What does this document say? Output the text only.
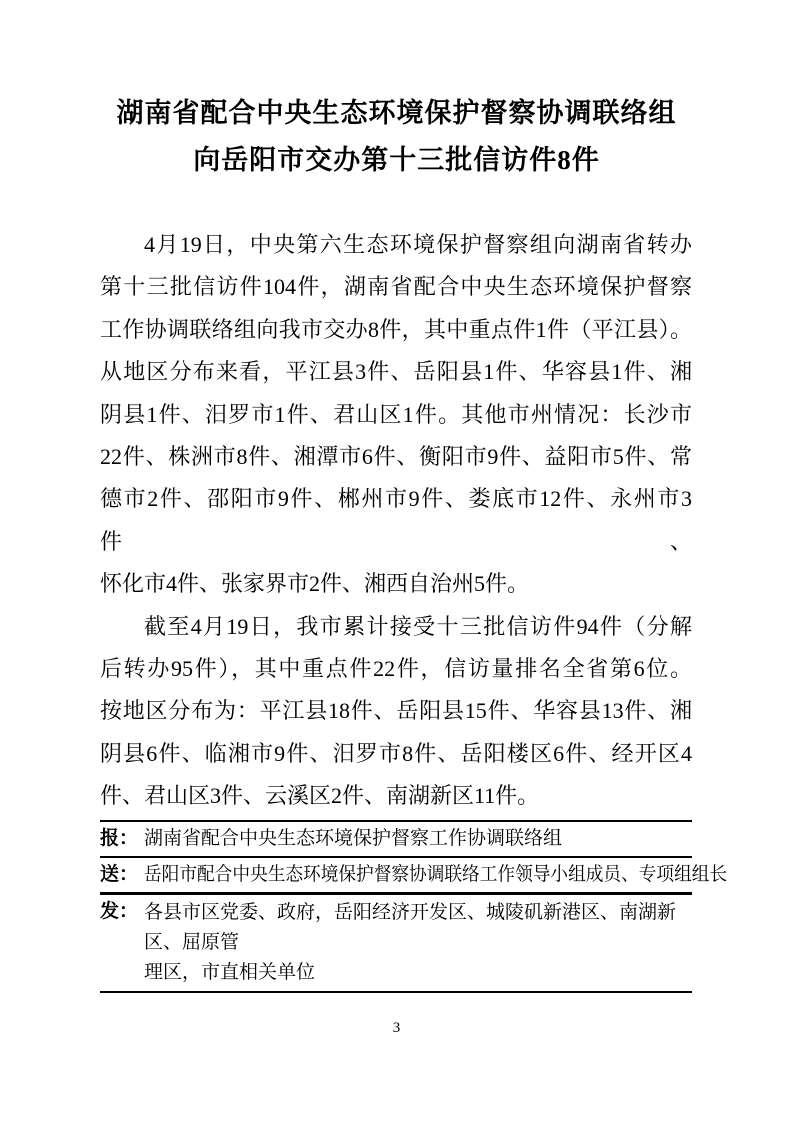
湖南省配合中央生态环境保护督察协调联络组
向岳阳市交办第十三批信访件8件
4月19日，中央第六生态环境保护督察组向湖南省转办
第十三批信访件104件，湖南省配合中央生态环境保护督察
工作协调联络组向我市交办8件，其中重点件1件（平江县）。
从地区分布来看，平江县3件、岳阳县1件、华容县1件、湘
阴县1件、汨罗市1件、君山区1件。其他市州情况：长沙市
22件、株洲市8件、湘潭市6件、衡阳市9件、益阳市5件、常
德市2件、邵阳市9件、郴州市9件、娄底市12件、永州市3件、
怀化市4件、张家界市2件、湘西自治州5件。
截至4月19日，我市累计接受十三批信访件94件（分解
后转办95件），其中重点件22件，信访量排名全省第6位。
按地区分布为：平江县18件、岳阳县15件、华容县13件、湘
阴县6件、临湘市9件、汨罗市8件、岳阳楼区6件、经开区4
件、君山区3件、云溪区2件、南湖新区11件。
报： 湖南省配合中央生态环境保护督察工作协调联络组
送： 岳阳市配合中央生态环境保护督察协调联络工作领导小组成员、专项组组长
发： 各县市区党委、政府，岳阳经济开发区、城陵矶新港区、南湖新区、屈原管
理区，市直相关单位
3
